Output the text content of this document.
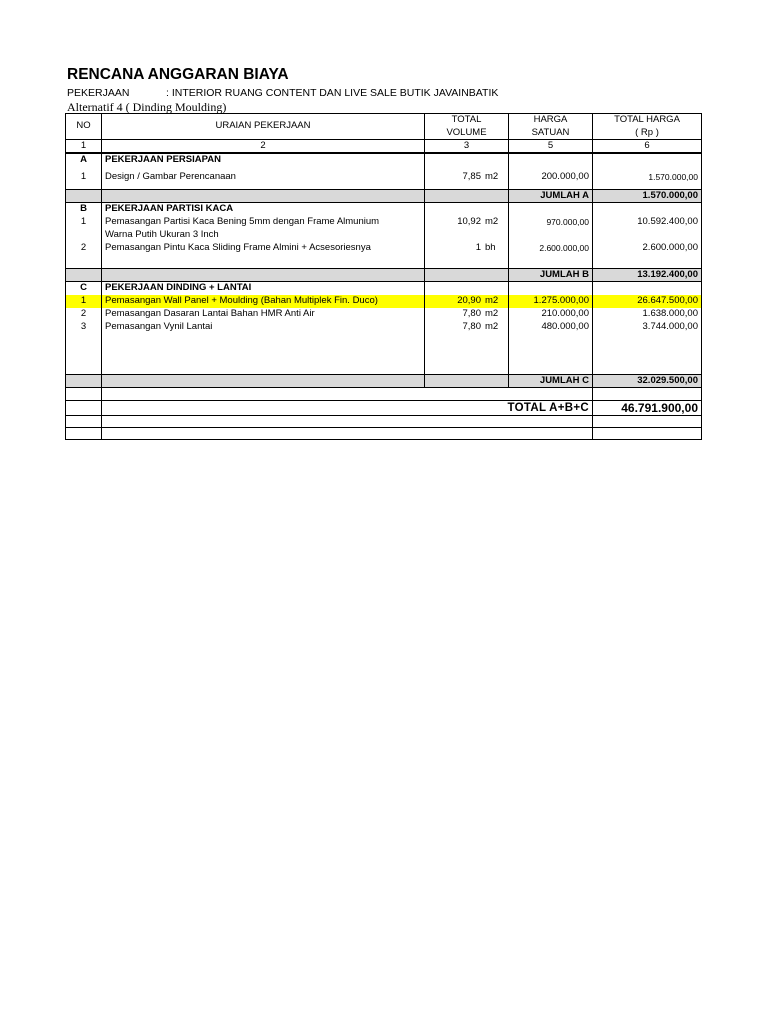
RENCANA ANGGARAN BIAYA
PEKERJAAN	: INTERIOR RUANG CONTENT DAN LIVE SALE BUTIK JAVAINBATIK
Alternatif 4 ( Dinding Moulding)
NO	URAIAN PEKERJAAN	TOTAL	HARGA	TOTAL HARGA	
		VOLUME	SATUAN	( Rp )	
1	2	3	5	6	
A	PEKERJAAN PERSIAPAN				
1	Design / Gambar Perencanaan	7,85 m2	200.000,00	1.570.000,00	
			JUMLAH A	1.570.000,00	
B	PEKERJAAN PARTISI KACA				
1	Pemasangan Partisi Kaca Bening 5mm dengan Frame Almunium	10,92 m2	970.000,00	10.592.400,00	
	Warna Putih Ukuran 3 Inch				
2	Pemasangan Pintu Kaca Sliding Frame Almini + Acsesoriesnya	1 bh	2.600.000,00	2.600.000,00	

			JUMLAH B	13.192.400,00	
C	PEKERJAAN DINDING + LANTAI				
1	Pemasangan Wall Panel + Moulding (Bahan Multiplek Fin. Duco)	20,90 m2	1.275.000,00	26.647.500,00	
2	Pemasangan Dasaran Lantai Bahan HMR Anti Air	7,80 m2	210.000,00	1.638.000,00	
3	Pemasangan Vynil Lantai	7,80 m2	480.000,00	3.744.000,00	

			JUMLAH C	32.029.500,00	

	TOTAL A+B+C			46.791.900,00	
